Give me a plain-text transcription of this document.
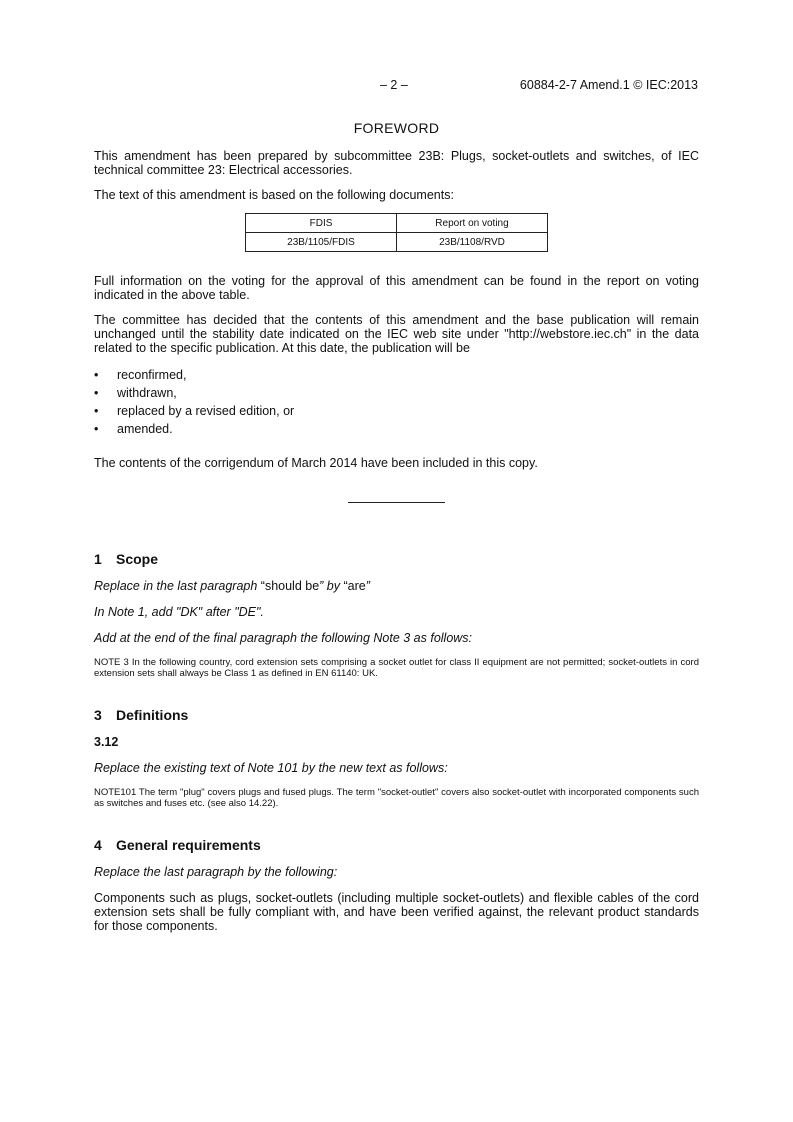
– 2 –	60884-2-7 Amend.1 © IEC:2013
FOREWORD

This amendment has been prepared by subcommittee 23B: Plugs, socket-outlets and switches, of IEC technical committee 23: Electrical accessories.

The text of this amendment is based on the following documents:

FDIS	Report on voting
23B/1105/FDIS	23B/1108/RVD

Full information on the voting for the approval of this amendment can be found in the report on voting indicated in the above table.

The committee has decided that the contents of this amendment and the base publication will remain unchanged until the stability date indicated on the IEC web site under "http://webstore.iec.ch" in the data related to the specific publication. At this date, the publication will be

• reconfirmed,
• withdrawn,
• replaced by a revised edition, or
• amended.

The contents of the corrigendum of March 2014 have been included in this copy.

1 Scope
Replace in the last paragraph “should be” by “are”
In Note 1, add "DK" after "DE".
Add at the end of the final paragraph the following Note 3 as follows:

NOTE 3 In the following country, cord extension sets comprising a socket outlet for class II equipment are not permitted; socket-outlets in cord extension sets shall always be Class 1 as defined in EN 61140: UK.

3 Definitions
3.12
Replace the existing text of Note 101 by the new text as follows:

NOTE101 The term "plug" covers plugs and fused plugs. The term "socket-outlet" covers also socket-outlet with incorporated components such as switches and fuses etc. (see also 14.22).

4 General requirements
Replace the last paragraph by the following:

Components such as plugs, socket-outlets (including multiple socket-outlets) and flexible cables of the cord extension sets shall be fully compliant with, and have been verified against, the relevant product standards for those components.
